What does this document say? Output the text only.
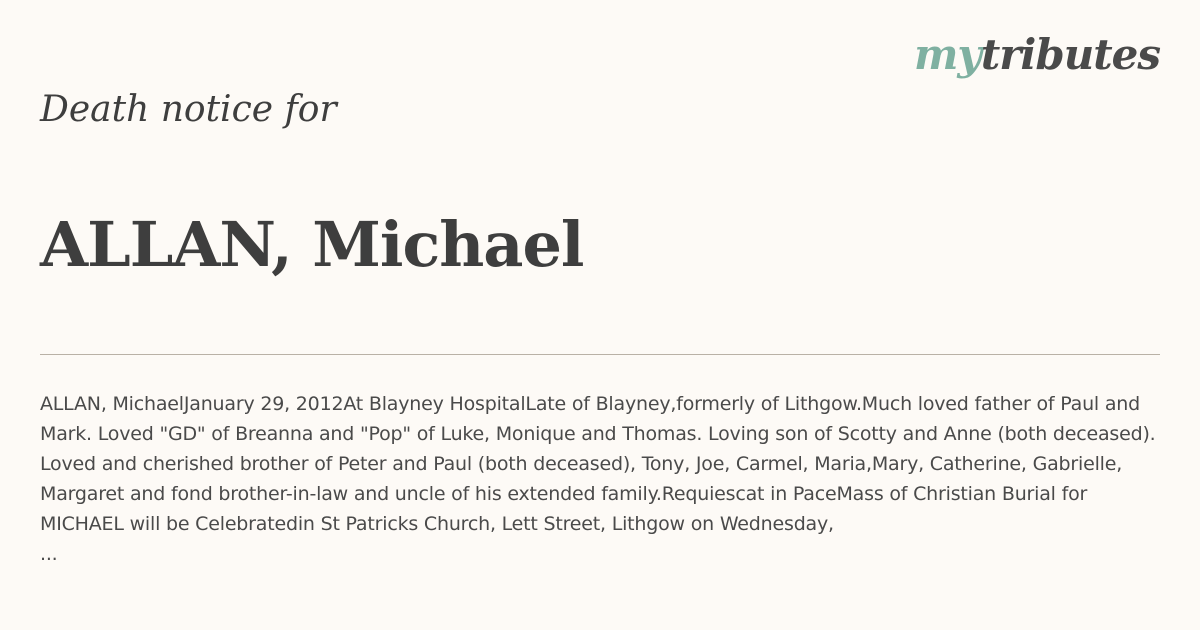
mytributes
Death notice for
ALLAN, Michael
ALLAN, MichaelJanuary 29, 2012At Blayney HospitalLate of Blayney,formerly of Lithgow.Much loved father of Paul and Mark. Loved "GD" of Breanna and "Pop" of Luke, Monique and Thomas. Loving son of Scotty and Anne (both deceased). Loved and cherished brother of Peter and Paul (both deceased), Tony, Joe, Carmel, Maria,Mary, Catherine, Gabrielle, Margaret and fond brother-in-law and uncle of his extended family.Requiescat in PaceMass of Christian Burial for MICHAEL will be Celebratedin St Patricks Church, Lett Street, Lithgow on Wednesday,
...
